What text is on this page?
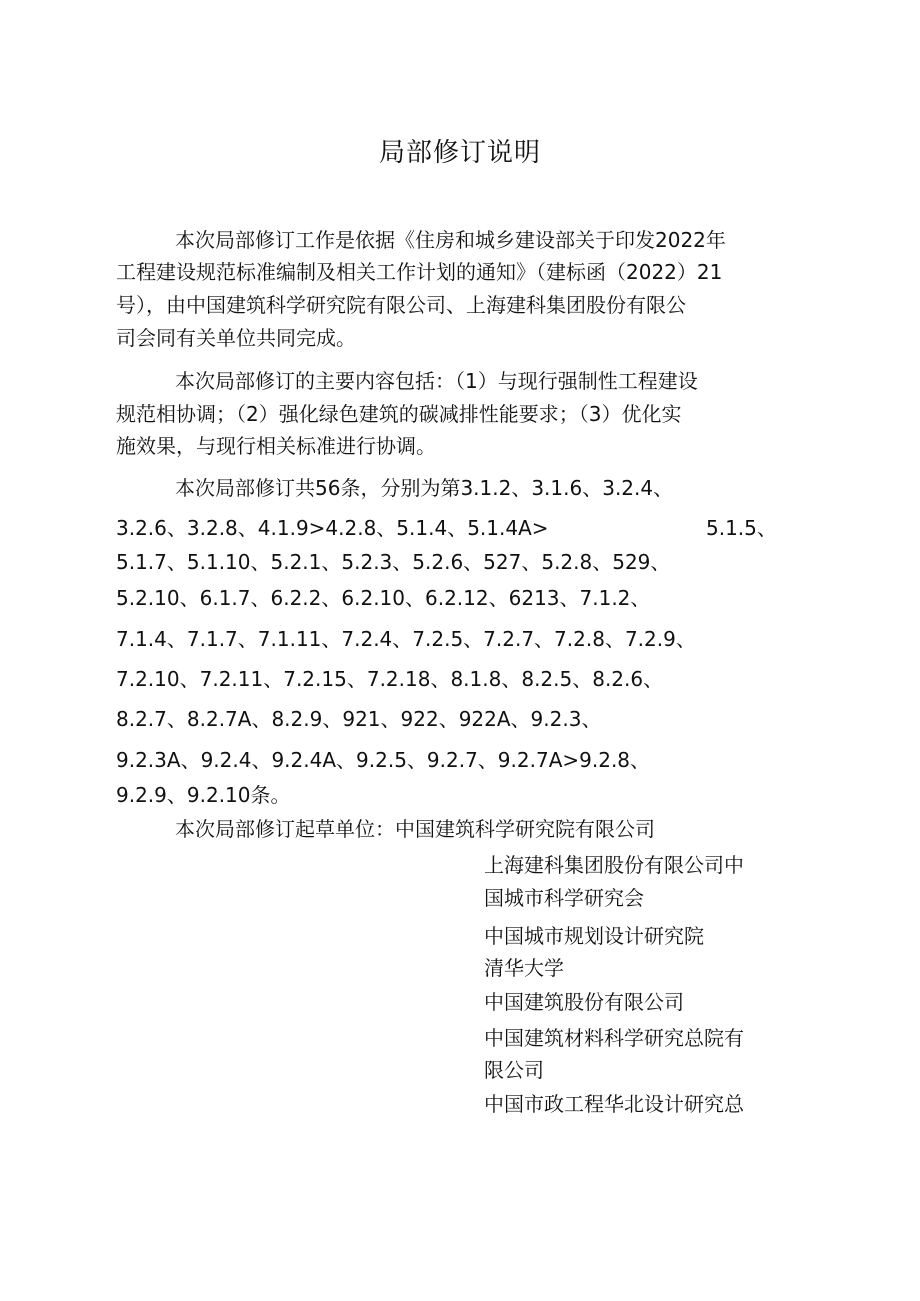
局部修订说明
本次局部修订工作是依据《住房和城乡建设部关于印发2022年
工程建设规范标准编制及相关工作计划的通知》（建标函（2022）21
号），由中国建筑科学研究院有限公司、上海建科集团股份有限公
司会同有关单位共同完成。
本次局部修订的主要内容包括：（1）与现行强制性工程建设
规范相协调；（2）强化绿色建筑的碳减排性能要求；（3）优化实
施效果，与现行相关标准进行协调。
本次局部修订共56条，分别为第3.1.2、3.1.6、3.2.4、
3.2.6、3.2.8、4.1.9>4.2.8、5.1.4、5.1.4A>	5.1.5、
5.1.7、5.1.10、5.2.1、5.2.3、5.2.6、527、5.2.8、529、
5.2.10、6.1.7、6.2.2、6.2.10、6.2.12、6213、7.1.2、
7.1.4、7.1.7、7.1.11、7.2.4、7.2.5、7.2.7、7.2.8、7.2.9、
7.2.10、7.2.11、7.2.15、7.2.18、8.1.8、8.2.5、8.2.6、
8.2.7、8.2.7A、8.2.9、921、922、922A、9.2.3、
9.2.3A、9.2.4、9.2.4A、9.2.5、9.2.7、9.2.7A>9.2.8、
9.2.9、9.2.10条。
本次局部修订起草单位：中国建筑科学研究院有限公司
上海建科集团股份有限公司中
国城市科学研究会
中国城市规划设计研究院
清华大学
中国建筑股份有限公司
中国建筑材料科学研究总院有
限公司
中国市政工程华北设计研究总
